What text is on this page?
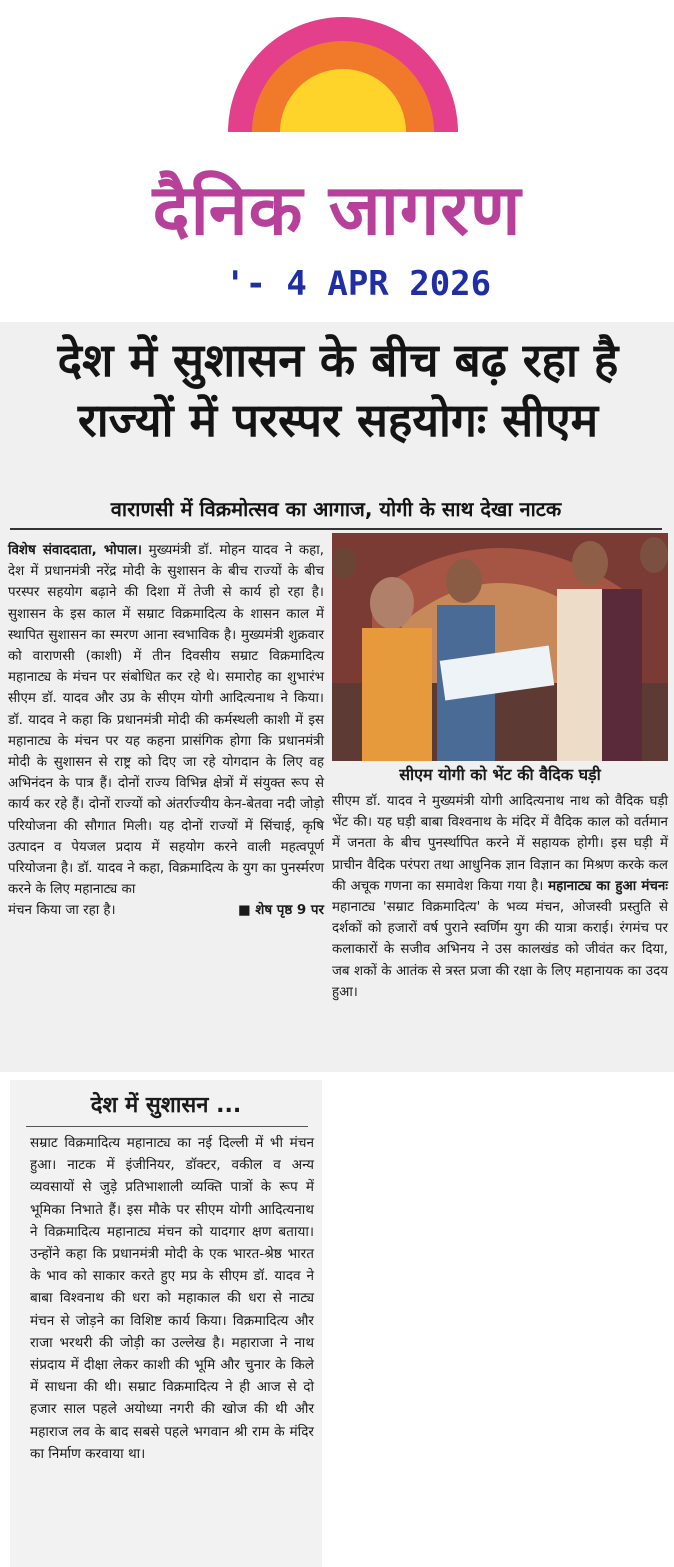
दैनिक जागरण
'- 4 APR 2026
देश में सुशासन के बीच बढ़ रहा है राज्यों में परस्पर सहयोगः सीएम
वाराणसी में विक्रमोत्सव का आगाज, योगी के साथ देखा नाटक
विशेष संवाददाता, भोपाल। मुख्यमंत्री डॉ. मोहन यादव ने कहा, देश में प्रधानमंत्री नरेंद्र मोदी के सुशासन के बीच राज्यों के बीच परस्पर सहयोग बढ़ाने की दिशा में तेजी से कार्य हो रहा है। सुशासन के इस काल में सम्राट विक्रमादित्य के शासन काल में स्थापित सुशासन का स्मरण आना स्वभाविक है। मुख्यमंत्री शुक्रवार को वाराणसी (काशी) में तीन दिवसीय सम्राट विक्रमादित्य महानाट्य के मंचन पर संबोधित कर रहे थे। समारोह का शुभारंभ सीएम डॉ. यादव और उप्र के सीएम योगी आदित्यनाथ ने किया। डॉ. यादव ने कहा कि प्रधानमंत्री मोदी की कर्मस्थली काशी में इस महानाट्य के मंचन पर यह कहना प्रासंगिक होगा कि प्रधानमंत्री मोदी के सुशासन से राष्ट्र को दिए जा रहे योगदान के लिए वह अभिनंदन के पात्र हैं। दोनों राज्य विभिन्न क्षेत्रों में संयुक्त रूप से कार्य कर रहे हैं। दोनों राज्यों को अंतर्राज्यीय केन-बेतवा नदी जोड़ो परियोजना की सौगात मिली। यह दोनों राज्यों में सिंचाई, कृषि उत्पादन व पेयजल प्रदाय में सहयोग करने वाली महत्वपूर्ण परियोजना है। डॉ. यादव ने कहा, विक्रमादित्य के युग का पुनर्स्मरण करने के लिए महानाट्य का
मंचन किया जा रहा है।	■ शेष पृष्ठ 9 पर
सीएम योगी को भेंट की वैदिक घड़ी
सीएम डॉ. यादव ने मुख्यमंत्री योगी आदित्यनाथ नाथ को वैदिक घड़ी भेंट की। यह घड़ी बाबा विश्वनाथ के मंदिर में वैदिक काल को वर्तमान में जनता के बीच पुनर्स्थापित करने में सहायक होगी। इस घड़ी में प्राचीन वैदिक परंपरा तथा आधुनिक ज्ञान विज्ञान का मिश्रण करके कल की अचूक गणना का समावेश किया गया है। महानाट्य का हुआ मंचनः महानाट्य 'सम्राट विक्रमादित्य' के भव्य मंचन, ओजस्वी प्रस्तुति से दर्शकों को हजारों वर्ष पुराने स्वर्णिम युग की यात्रा कराई। रंगमंच पर कलाकारों के सजीव अभिनय ने उस कालखंड को जीवंत कर दिया, जब शकों के आतंक से त्रस्त प्रजा की रक्षा के लिए महानायक का उदय हुआ।
देश में सुशासन ...
सम्राट विक्रमादित्य महानाट्य का नई दिल्ली में भी मंचन हुआ। नाटक में इंजीनियर, डॉक्टर, वकील व अन्य व्यवसायों से जुड़े प्रतिभाशाली व्यक्ति पात्रों के रूप में भूमिका निभाते हैं। इस मौके पर सीएम योगी आदित्यनाथ ने विक्रमादित्य महानाट्य मंचन को यादगार क्षण बताया। उन्होंने कहा कि प्रधानमंत्री मोदी के एक भारत-श्रेष्ठ भारत के भाव को साकार करते हुए मप्र के सीएम डॉ. यादव ने बाबा विश्वनाथ की धरा को महाकाल की धरा से नाट्य मंचन से जोड़ने का विशिष्ट कार्य किया। विक्रमादित्य और राजा भरथरी की जोड़ी का उल्लेख है। महाराजा ने नाथ संप्रदाय में दीक्षा लेकर काशी की भूमि और चुनार के किले में साधना की थी। सम्राट विक्रमादित्य ने ही आज से दो हजार साल पहले अयोध्या नगरी की खोज की थी और महाराज लव के बाद सबसे पहले भगवान श्री राम के मंदिर का निर्माण करवाया था।
